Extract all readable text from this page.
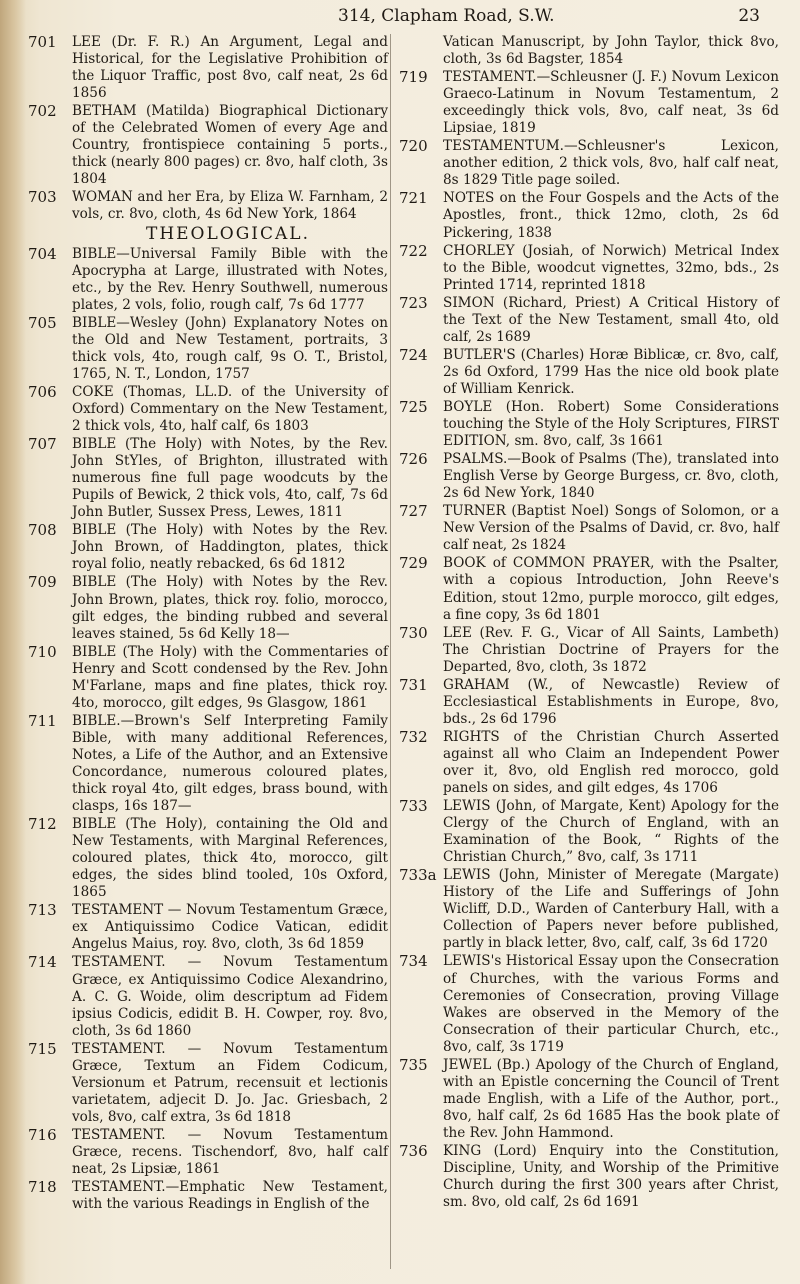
314, Clapham Road, S.W.	23
701	LEE (Dr. F. R.) An Argument, Legal and Historical, for the Legislative Prohibition of the Liquor Traffic, post 8vo, calf neat, 2s 6d 1856
702	BETHAM (Matilda) Biographical Dictionary of the Celebrated Women of every Age and Country, frontispiece containing 5 ports., thick (nearly 800 pages) cr. 8vo, half cloth, 3s 1804
703	WOMAN and her Era, by Eliza W. Farnham, 2 vols, cr. 8vo, cloth, 4s 6d New York, 1864
THEOLOGICAL.
704	BIBLE—Universal Family Bible with the Apocrypha at Large, illustrated with Notes, etc., by the Rev. Henry Southwell, numerous plates, 2 vols, folio, rough calf, 7s 6d 1777
705	BIBLE—Wesley (John) Explanatory Notes on the Old and New Testament, portraits, 3 thick vols, 4to, rough calf, 9s O. T., Bristol, 1765, N. T., London, 1757
706	COKE (Thomas, LL.D. of the University of Oxford) Commentary on the New Testament, 2 thick vols, 4to, half calf, 6s 1803
707	BIBLE (The Holy) with Notes, by the Rev. John StYles, of Brighton, illustrated with numerous fine full page woodcuts by the Pupils of Bewick, 2 thick vols, 4to, calf, 7s 6d John Butler, Sussex Press, Lewes, 1811
708	BIBLE (The Holy) with Notes by the Rev. John Brown, of Haddington, plates, thick royal folio, neatly rebacked, 6s 6d 1812
709	BIBLE (The Holy) with Notes by the Rev. John Brown, plates, thick roy. folio, morocco, gilt edges, the binding rubbed and several leaves stained, 5s 6d Kelly 18—
710	BIBLE (The Holy) with the Commentaries of Henry and Scott condensed by the Rev. John M'Farlane, maps and fine plates, thick roy. 4to, morocco, gilt edges, 9s Glasgow, 1861
711	BIBLE.—Brown's Self Interpreting Family Bible, with many additional References, Notes, a Life of the Author, and an Extensive Concordance, numerous coloured plates, thick royal 4to, gilt edges, brass bound, with clasps, 16s 187—
712	BIBLE (The Holy), containing the Old and New Testaments, with Marginal References, coloured plates, thick 4to, morocco, gilt edges, the sides blind tooled, 10s Oxford, 1865
713	TESTAMENT — Novum Testamentum Græce, ex Antiquissimo Codice Vatican, edidit Angelus Maius, roy. 8vo, cloth, 3s 6d 1859
714	TESTAMENT. — Novum Testamentum Græce, ex Antiquissimo Codice Alexandrino, A. C. G. Woide, olim descriptum ad Fidem ipsius Codicis, edidit B. H. Cowper, roy. 8vo, cloth, 3s 6d 1860
715	TESTAMENT. — Novum Testamentum Græce, Textum an Fidem Codicum, Versionum et Patrum, recensuit et lectionis varietatem, adjecit D. Jo. Jac. Griesbach, 2 vols, 8vo, calf extra, 3s 6d 1818
716	TESTAMENT. — Novum Testamentum Græce, recens. Tischendorf, 8vo, half calf neat, 2s Lipsiæ, 1861
718	TESTAMENT.—Emphatic New Testament, with the various Readings in English of the
Vatican Manuscript, by John Taylor, thick 8vo, cloth, 3s 6d Bagster, 1854
719	TESTAMENT.—Schleusner (J. F.) Novum Lexicon Graeco-Latinum in Novum Testamentum, 2 exceedingly thick vols, 8vo, calf neat, 3s 6d Lipsiae, 1819
720	TESTAMENTUM.—Schleusner's Lexicon, another edition, 2 thick vols, 8vo, half calf neat, 8s 1829 Title page soiled.
721	NOTES on the Four Gospels and the Acts of the Apostles, front., thick 12mo, cloth, 2s 6d Pickering, 1838
722	CHORLEY (Josiah, of Norwich) Metrical Index to the Bible, woodcut vignettes, 32mo, bds., 2s Printed 1714, reprinted 1818
723	SIMON (Richard, Priest) A Critical History of the Text of the New Testament, small 4to, old calf, 2s 1689
724	BUTLER'S (Charles) Horæ Biblicæ, cr. 8vo, calf, 2s 6d Oxford, 1799 Has the nice old book plate of William Kenrick.
725	BOYLE (Hon. Robert) Some Considerations touching the Style of the Holy Scriptures, FIRST EDITION, sm. 8vo, calf, 3s 1661
726	PSALMS.—Book of Psalms (The), translated into English Verse by George Burgess, cr. 8vo, cloth, 2s 6d New York, 1840
727	TURNER (Baptist Noel) Songs of Solomon, or a New Version of the Psalms of David, cr. 8vo, half calf neat, 2s 1824
729	BOOK of COMMON PRAYER, with the Psalter, with a copious Introduction, John Reeve's Edition, stout 12mo, purple morocco, gilt edges, a fine copy, 3s 6d 1801
730	LEE (Rev. F. G., Vicar of All Saints, Lambeth) The Christian Doctrine of Prayers for the Departed, 8vo, cloth, 3s 1872
731	GRAHAM (W., of Newcastle) Review of Ecclesiastical Establishments in Europe, 8vo, bds., 2s 6d 1796
732	RIGHTS of the Christian Church Asserted against all who Claim an Independent Power over it, 8vo, old English red morocco, gold panels on sides, and gilt edges, 4s 1706
733	LEWIS (John, of Margate, Kent) Apology for the Clergy of the Church of England, with an Examination of the Book, “ Rights of the Christian Church,” 8vo, calf, 3s 1711
733a LEWIS (John, Minister of Meregate (Margate) History of the Life and Sufferings of John Wicliff, D.D., Warden of Canterbury Hall, with a Collection of Papers never before published, partly in black letter, 8vo, calf, calf, 3s 6d 1720
734	LEWIS's Historical Essay upon the Consecration of Churches, with the various Forms and Ceremonies of Consecration, proving Village Wakes are observed in the Memory of the Consecration of their particular Church, etc., 8vo, calf, 3s 1719
735	JEWEL (Bp.) Apology of the Church of England, with an Epistle concerning the Council of Trent made English, with a Life of the Author, port., 8vo, half calf, 2s 6d 1685 Has the book plate of the Rev. John Hammond.
736	KING (Lord) Enquiry into the Constitution, Discipline, Unity, and Worship of the Primitive Church during the first 300 years after Christ, sm. 8vo, old calf, 2s 6d 1691
